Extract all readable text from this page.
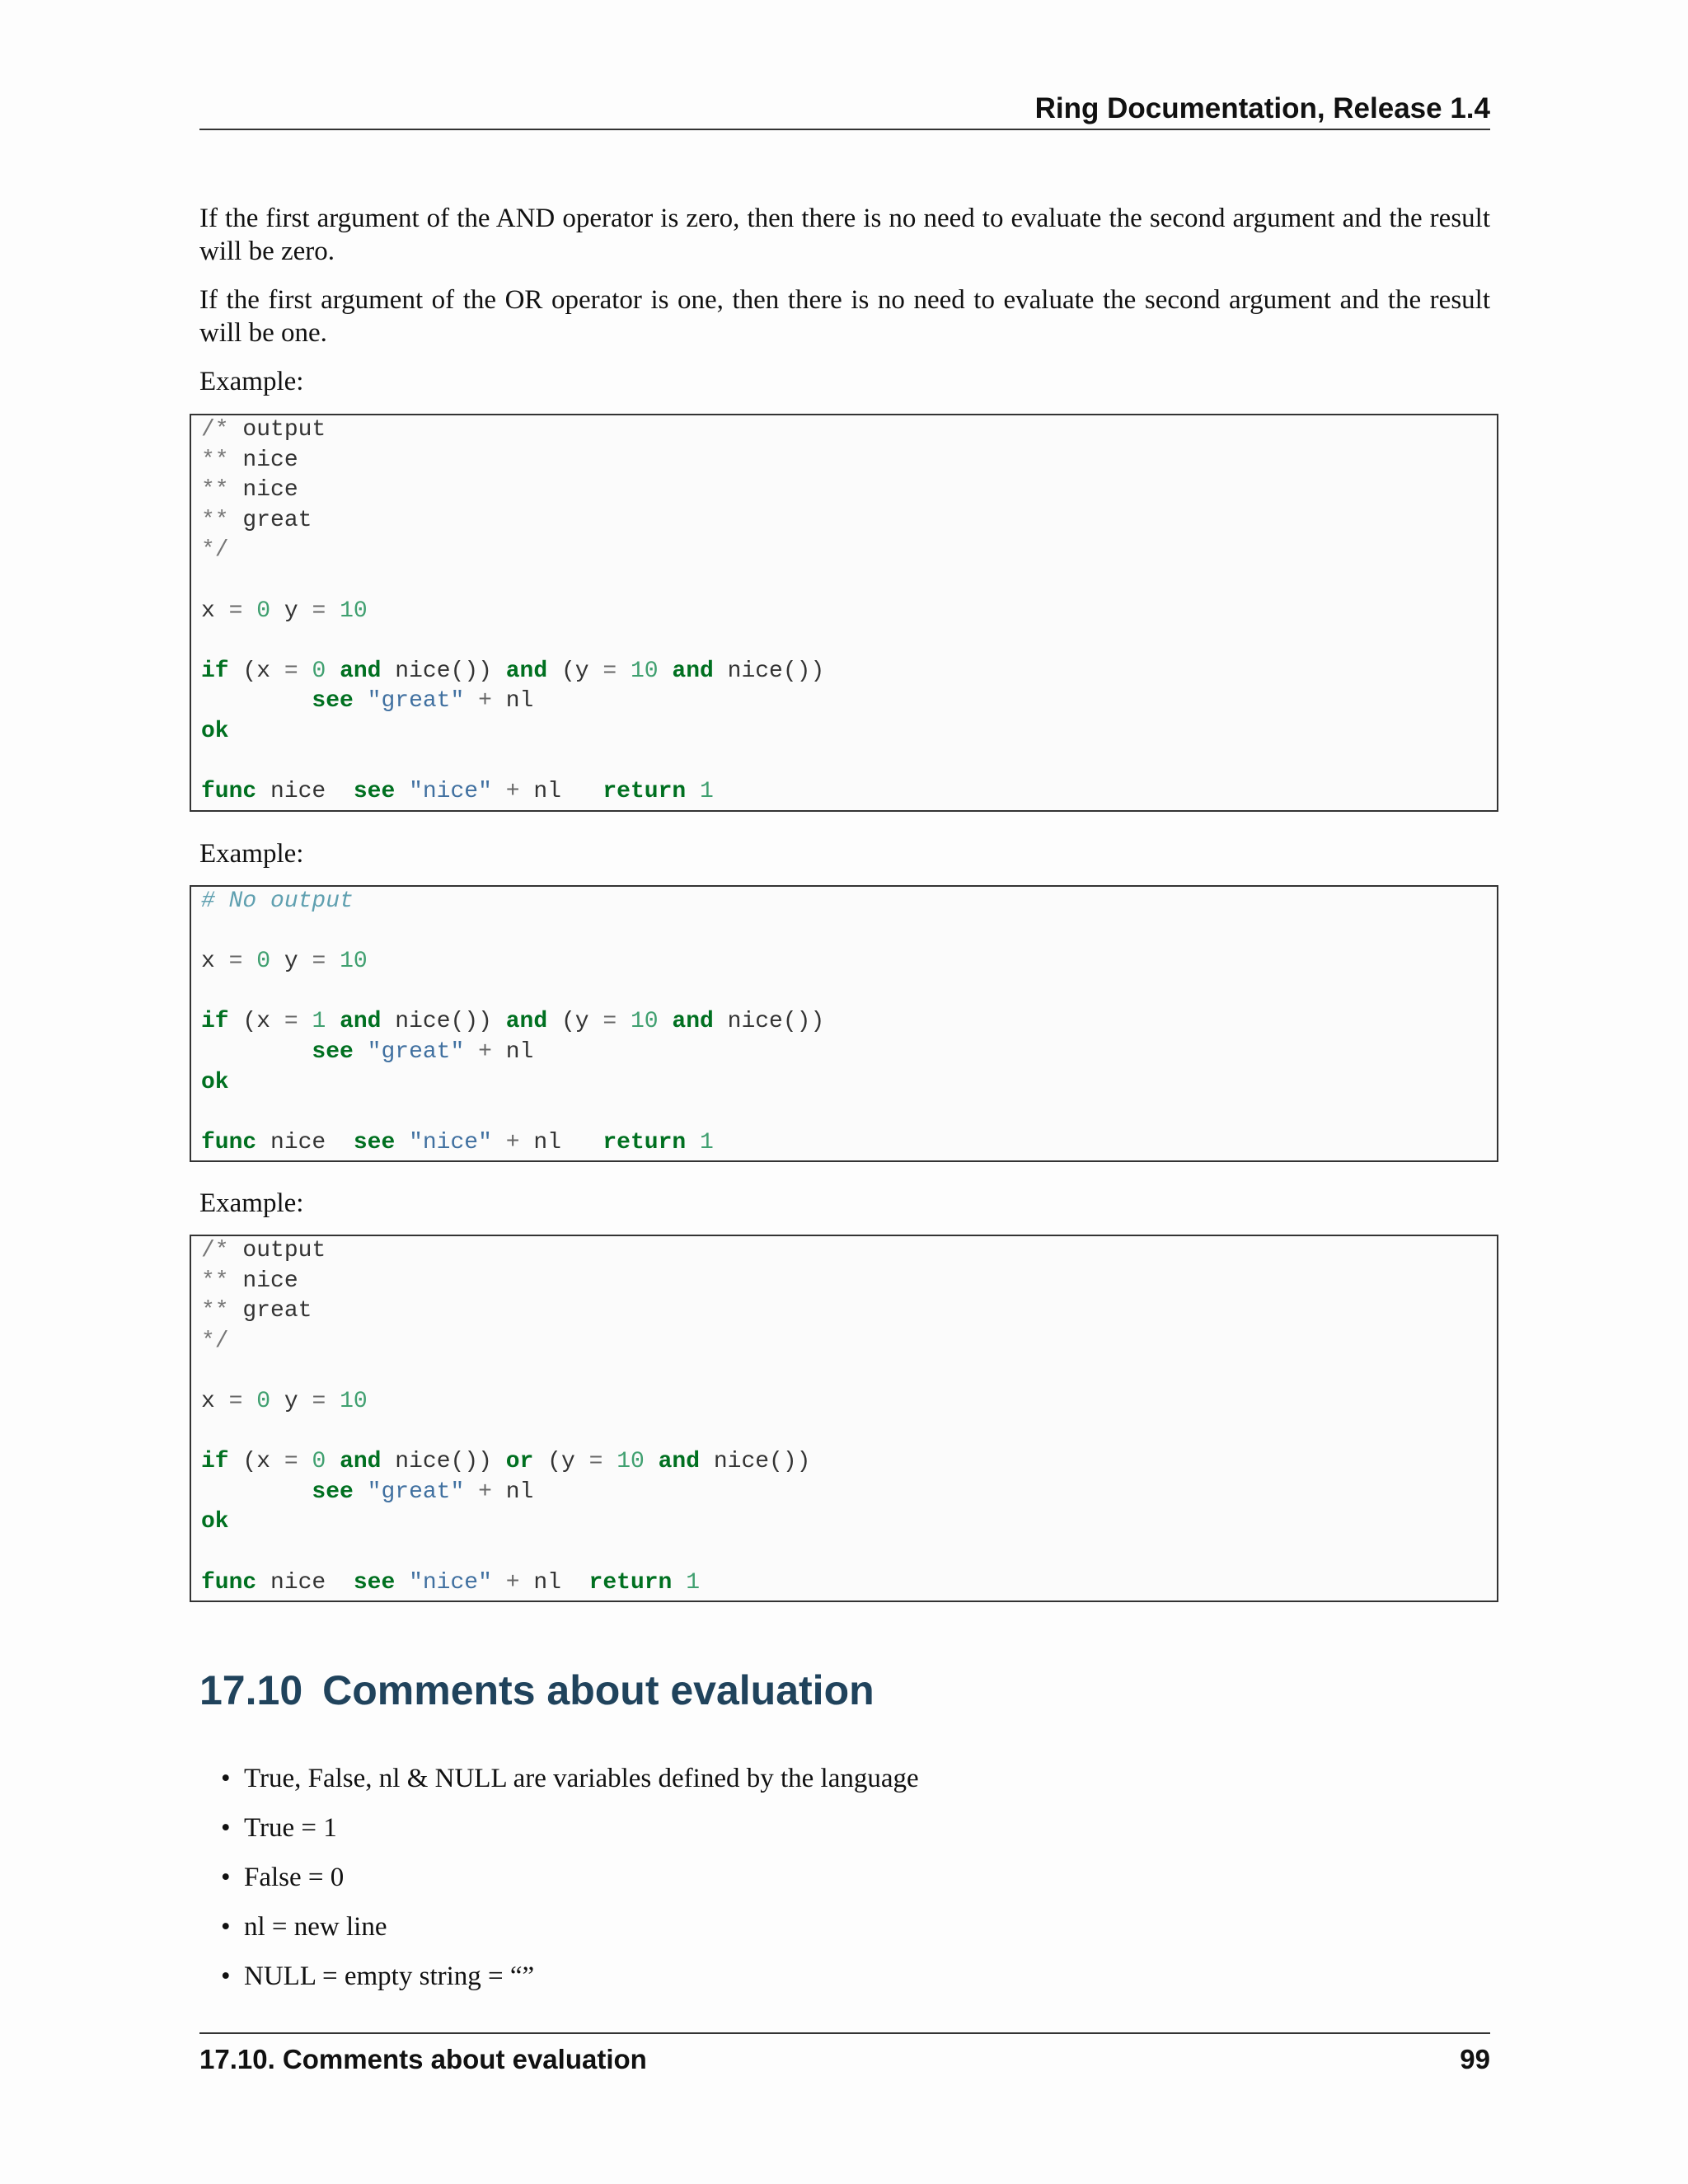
Ring Documentation, Release 1.4

If the first argument of the AND operator is zero, then there is no need to evaluate the second argument and the result will be zero.

If the first argument of the OR operator is one, then there is no need to evaluate the second argument and the result will be one.

Example:

/* output
** nice
** nice
** great
*/

x = 0 y = 10

if (x = 0 and nice()) and (y = 10 and nice())
see "great" + nl
ok

func nice  see "nice" + nl   return 1

Example:

# No output

x = 0 y = 10

if (x = 1 and nice()) and (y = 10 and nice())
see "great" + nl
ok

func nice  see "nice" + nl   return 1

Example:

/* output
** nice
** great
*/

x = 0 y = 10

if (x = 0 and nice()) or (y = 10 and nice())
see "great" + nl
ok

func nice  see "nice" + nl  return 1
17.10 Comments about evaluation
• True, False, nl & NULL are variables defined by the language
• True = 1
• False = 0
• nl = new line
• NULL = empty string = “”
17.10. Comments about evaluation	99
